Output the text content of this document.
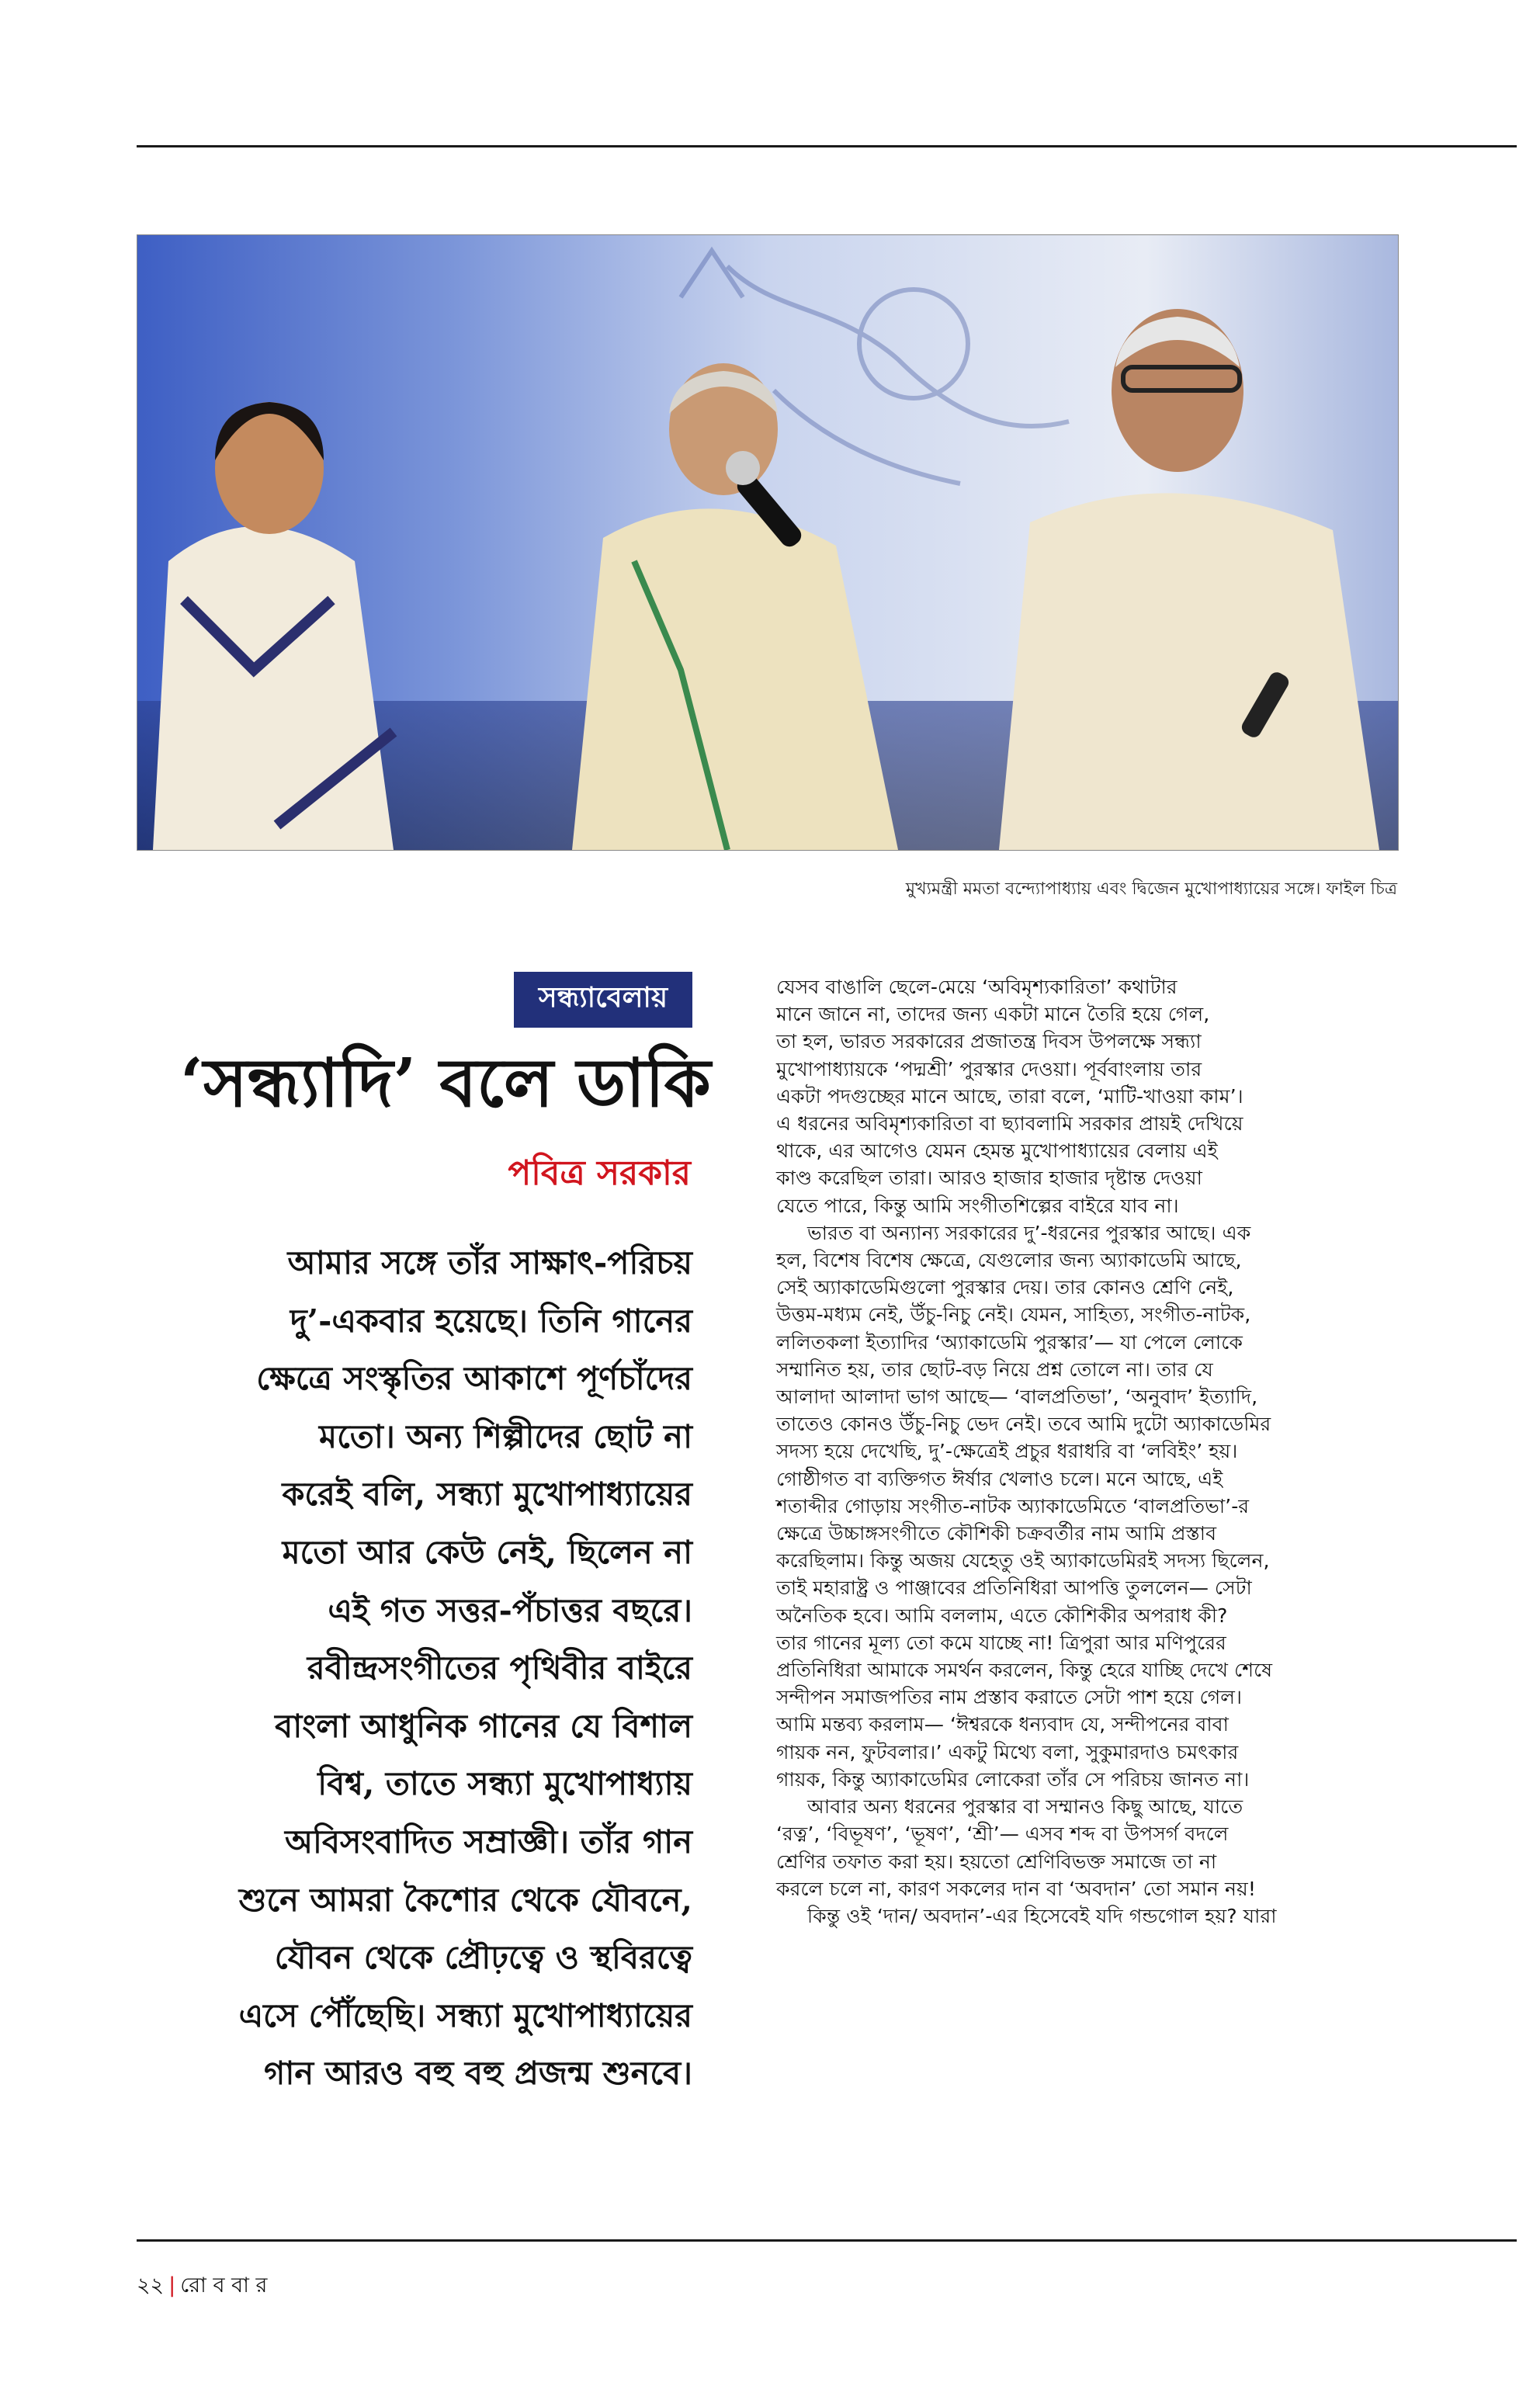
মুখ্যমন্ত্রী মমতা বন্দ্যোপাধ্যায় এবং দ্বিজেন মুখোপাধ্যায়ের সঙ্গে। ফাইল চিত্র
সন্ধ্যাবেলায়
‘সন্ধ্যাদি’ বলে ডাকি
পবিত্র সরকার
আমার সঙ্গে তাঁর সাক্ষাৎ-পরিচয়
দু’-একবার হয়েছে। তিনি গানের
ক্ষেত্রে সংস্কৃতির আকাশে পূর্ণচাঁদের
মতো। অন্য শিল্পীদের ছোট না
করেই বলি, সন্ধ্যা মুখোপাধ্যায়ের
মতো আর কেউ নেই, ছিলেন না
এই গত সত্তর-পঁচাত্তর বছরে।
রবীন্দ্রসংগীতের পৃথিবীর বাইরে
বাংলা আধুনিক গানের যে বিশাল
বিশ্ব, তাতে সন্ধ্যা মুখোপাধ্যায়
অবিসংবাদিত সম্রাজ্ঞী। তাঁর গান
শুনে আমরা কৈশোর থেকে যৌবনে,
যৌবন থেকে প্রৌঢ়ত্বে ও স্থবিরত্বে
এসে পৌঁছেছি। সন্ধ্যা মুখোপাধ্যায়ের
গান আরও বহু বহু প্রজন্ম শুনবে।
যেসব বাঙালি ছেলে-মেয়ে ‘অবিমৃশ্যকারিতা’ কথাটার
মানে জানে না, তাদের জন্য একটা মানে তৈরি হয়ে গেল,
তা হল, ভারত সরকারের প্রজাতন্ত্র দিবস উপলক্ষে সন্ধ্যা
মুখোপাধ্যায়কে ‘পদ্মশ্রী’ পুরস্কার দেওয়া। পূর্ববাংলায় তার
একটা পদগুচ্ছের মানে আছে, তারা বলে, ‘মাটি-খাওয়া কাম’।
এ ধরনের অবিমৃশ্যকারিতা বা ছ্যাবলামি সরকার প্রায়ই দেখিয়ে
থাকে, এর আগেও যেমন হেমন্ত মুখোপাধ্যায়ের বেলায় এই
কাণ্ড করেছিল তারা। আরও হাজার হাজার দৃষ্টান্ত দেওয়া
যেতে পারে, কিন্তু আমি সংগীতশিল্পের বাইরে যাব না।
ভারত বা অন্যান্য সরকারের দু’-ধরনের পুরস্কার আছে। এক
হল, বিশেষ বিশেষ ক্ষেত্রে, যেগুলোর জন্য অ্যাকাডেমি আছে,
সেই অ্যাকাডেমিগুলো পুরস্কার দেয়। তার কোনও শ্রেণি নেই,
উত্তম-মধ্যম নেই, উঁচু-নিচু নেই। যেমন, সাহিত্য, সংগীত-নাটক,
ললিতকলা ইত্যাদির ‘অ্যাকাডেমি পুরস্কার’— যা পেলে লোকে
সম্মানিত হয়, তার ছোট-বড় নিয়ে প্রশ্ন তোলে না। তার যে
আলাদা আলাদা ভাগ আছে— ‘বালপ্রতিভা’, ‘অনুবাদ’ ইত্যাদি,
তাতেও কোনও উঁচু-নিচু ভেদ নেই। তবে আমি দুটো অ্যাকাডেমির
সদস্য হয়ে দেখেছি, দু’-ক্ষেত্রেই প্রচুর ধরাধরি বা ‘লবিইং’ হয়।
গোষ্ঠীগত বা ব্যক্তিগত ঈর্ষার খেলাও চলে। মনে আছে, এই
শতাব্দীর গোড়ায় সংগীত-নাটক অ্যাকাডেমিতে ‘বালপ্রতিভা’-র
ক্ষেত্রে উচ্চাঙ্গসংগীতে কৌশিকী চক্রবর্তীর নাম আমি প্রস্তাব
করেছিলাম। কিন্তু অজয় যেহেতু ওই অ্যাকাডেমিরই সদস্য ছিলেন,
তাই মহারাষ্ট্র ও পাঞ্জাবের প্রতিনিধিরা আপত্তি তুললেন— সেটা
অনৈতিক হবে। আমি বললাম, এতে কৌশিকীর অপরাধ কী?
তার গানের মূল্য তো কমে যাচ্ছে না! ত্রিপুরা আর মণিপুরের
প্রতিনিধিরা আমাকে সমর্থন করলেন, কিন্তু হেরে যাচ্ছি দেখে শেষে
সন্দীপন সমাজপতির নাম প্রস্তাব করাতে সেটা পাশ হয়ে গেল।
আমি মন্তব্য করলাম— ‘ঈশ্বরকে ধন্যবাদ যে, সন্দীপনের বাবা
গায়ক নন, ফুটবলার।’ একটু মিথ্যে বলা, সুকুমারদাও চমৎকার
গায়ক, কিন্তু অ্যাকাডেমির লোকেরা তাঁর সে পরিচয় জানত না।
আবার অন্য ধরনের পুরস্কার বা সম্মানও কিছু আছে, যাতে
‘রত্ন’, ‘বিভূষণ’, ‘ভূষণ’, ‘শ্রী’— এসব শব্দ বা উপসর্গ বদলে
শ্রেণির তফাত করা হয়। হয়তো শ্রেণিবিভক্ত সমাজে তা না
করলে চলে না, কারণ সকলের দান বা ‘অবদান’ তো সমান নয়!
কিন্তু ওই ‘দান/ অবদান’-এর হিসেবেই যদি গন্ডগোল হয়? যারা
২২ | রো ব বা র
